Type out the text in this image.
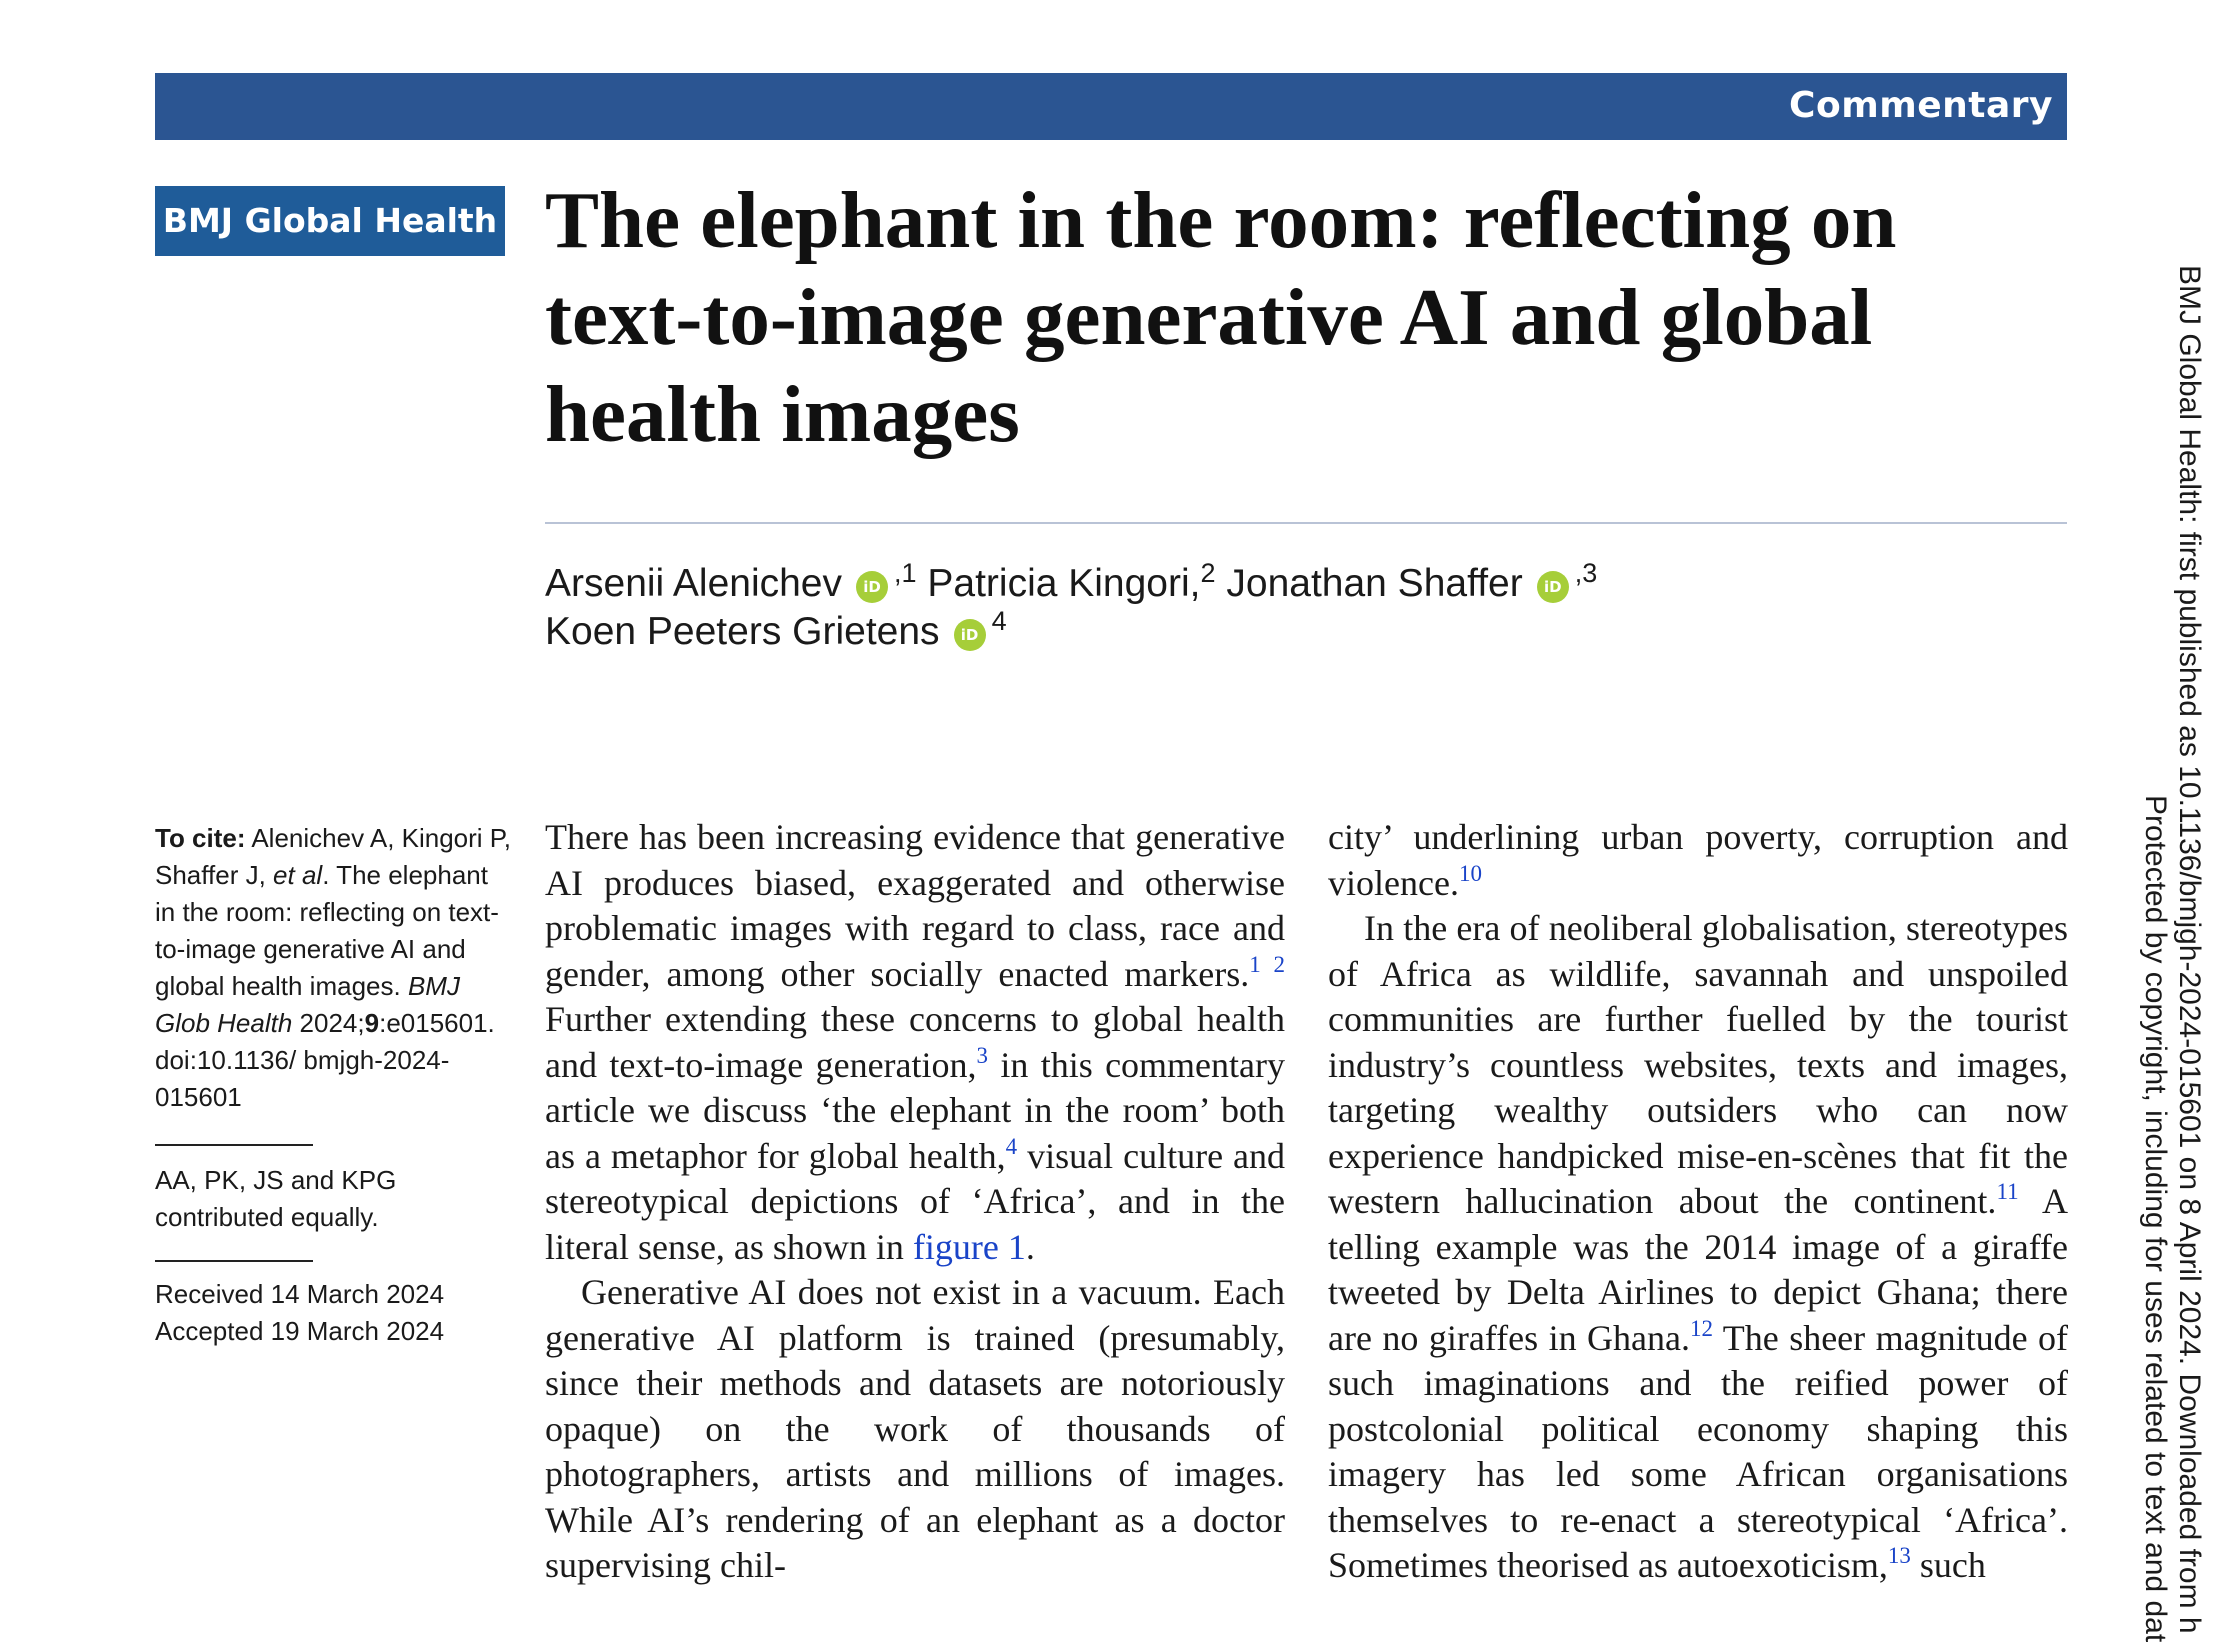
Commentary
BMJ Global Health The elephant in the room: reflecting on text-to-image generative AI and global health images
Arsenii Alenichev iD $^{,1}$ Patricia Kingori,$^2$ Jonathan Shaffer iD $^{,3}$
Koen Peeters Grietens iD $^4$

To cite: Alenichev A, Kingori P, Shaffer J, et al. The elephant in the room: reflecting on text-to-image generative AI and global health images. BMJ Glob Health 2024;9:e015601. doi:10.1136/ bmjgh-2024-015601

AA, PK, JS and KPG contributed equally.

Received 14 March 2024

Accepted 19 March 2024

There has been increasing evidence that generative AI produces biased, exaggerated and otherwise problematic images with regard to class, race and gender, among other socially enacted markers.$^{1 2}$ Further extending these concerns to global health and text-to-image generation,$^3$ in this commentary article we discuss ‘the elephant in the room’ both as a metaphor for global health,$^4$ visual culture and stereotypical depictions of ‘Africa’, and in the literal sense, as shown in figure 1.

Generative AI does not exist in a vacuum. Each generative AI platform is trained (presumably, since their methods and datasets are notoriously opaque) on the work of thousands of photographers, artists and millions of images. While AI’s rendering of an elephant as a doctor supervising chil-

city’ underlining urban poverty, corruption and violence.$^{10}$

In the era of neoliberal globalisation, stereotypes of Africa as wildlife, savannah and unspoiled communities are further fuelled by the tourist industry’s countless websites, texts and images, targeting wealthy outsiders who can now experience handpicked mise-en-scènes that fit the western hallucination about the continent.$^{11}$ A telling example was the 2014 image of a giraffe tweeted by Delta Airlines to depict Ghana; there are no giraffes in Ghana.$^{12}$ The sheer magnitude of such imaginations and the reified power of postcolonial political economy shaping this imagery has led some African organisations themselves to re-enact a stereotypical ‘Africa’. Sometimes theorised as autoexoticism,$^{13}$ such	BMJ Global Health: first published as 10.1136/bmjgh-2024-015601 on 8 April 2024. Downloaded from h
Protected by copyright, including for uses related to text and dat
